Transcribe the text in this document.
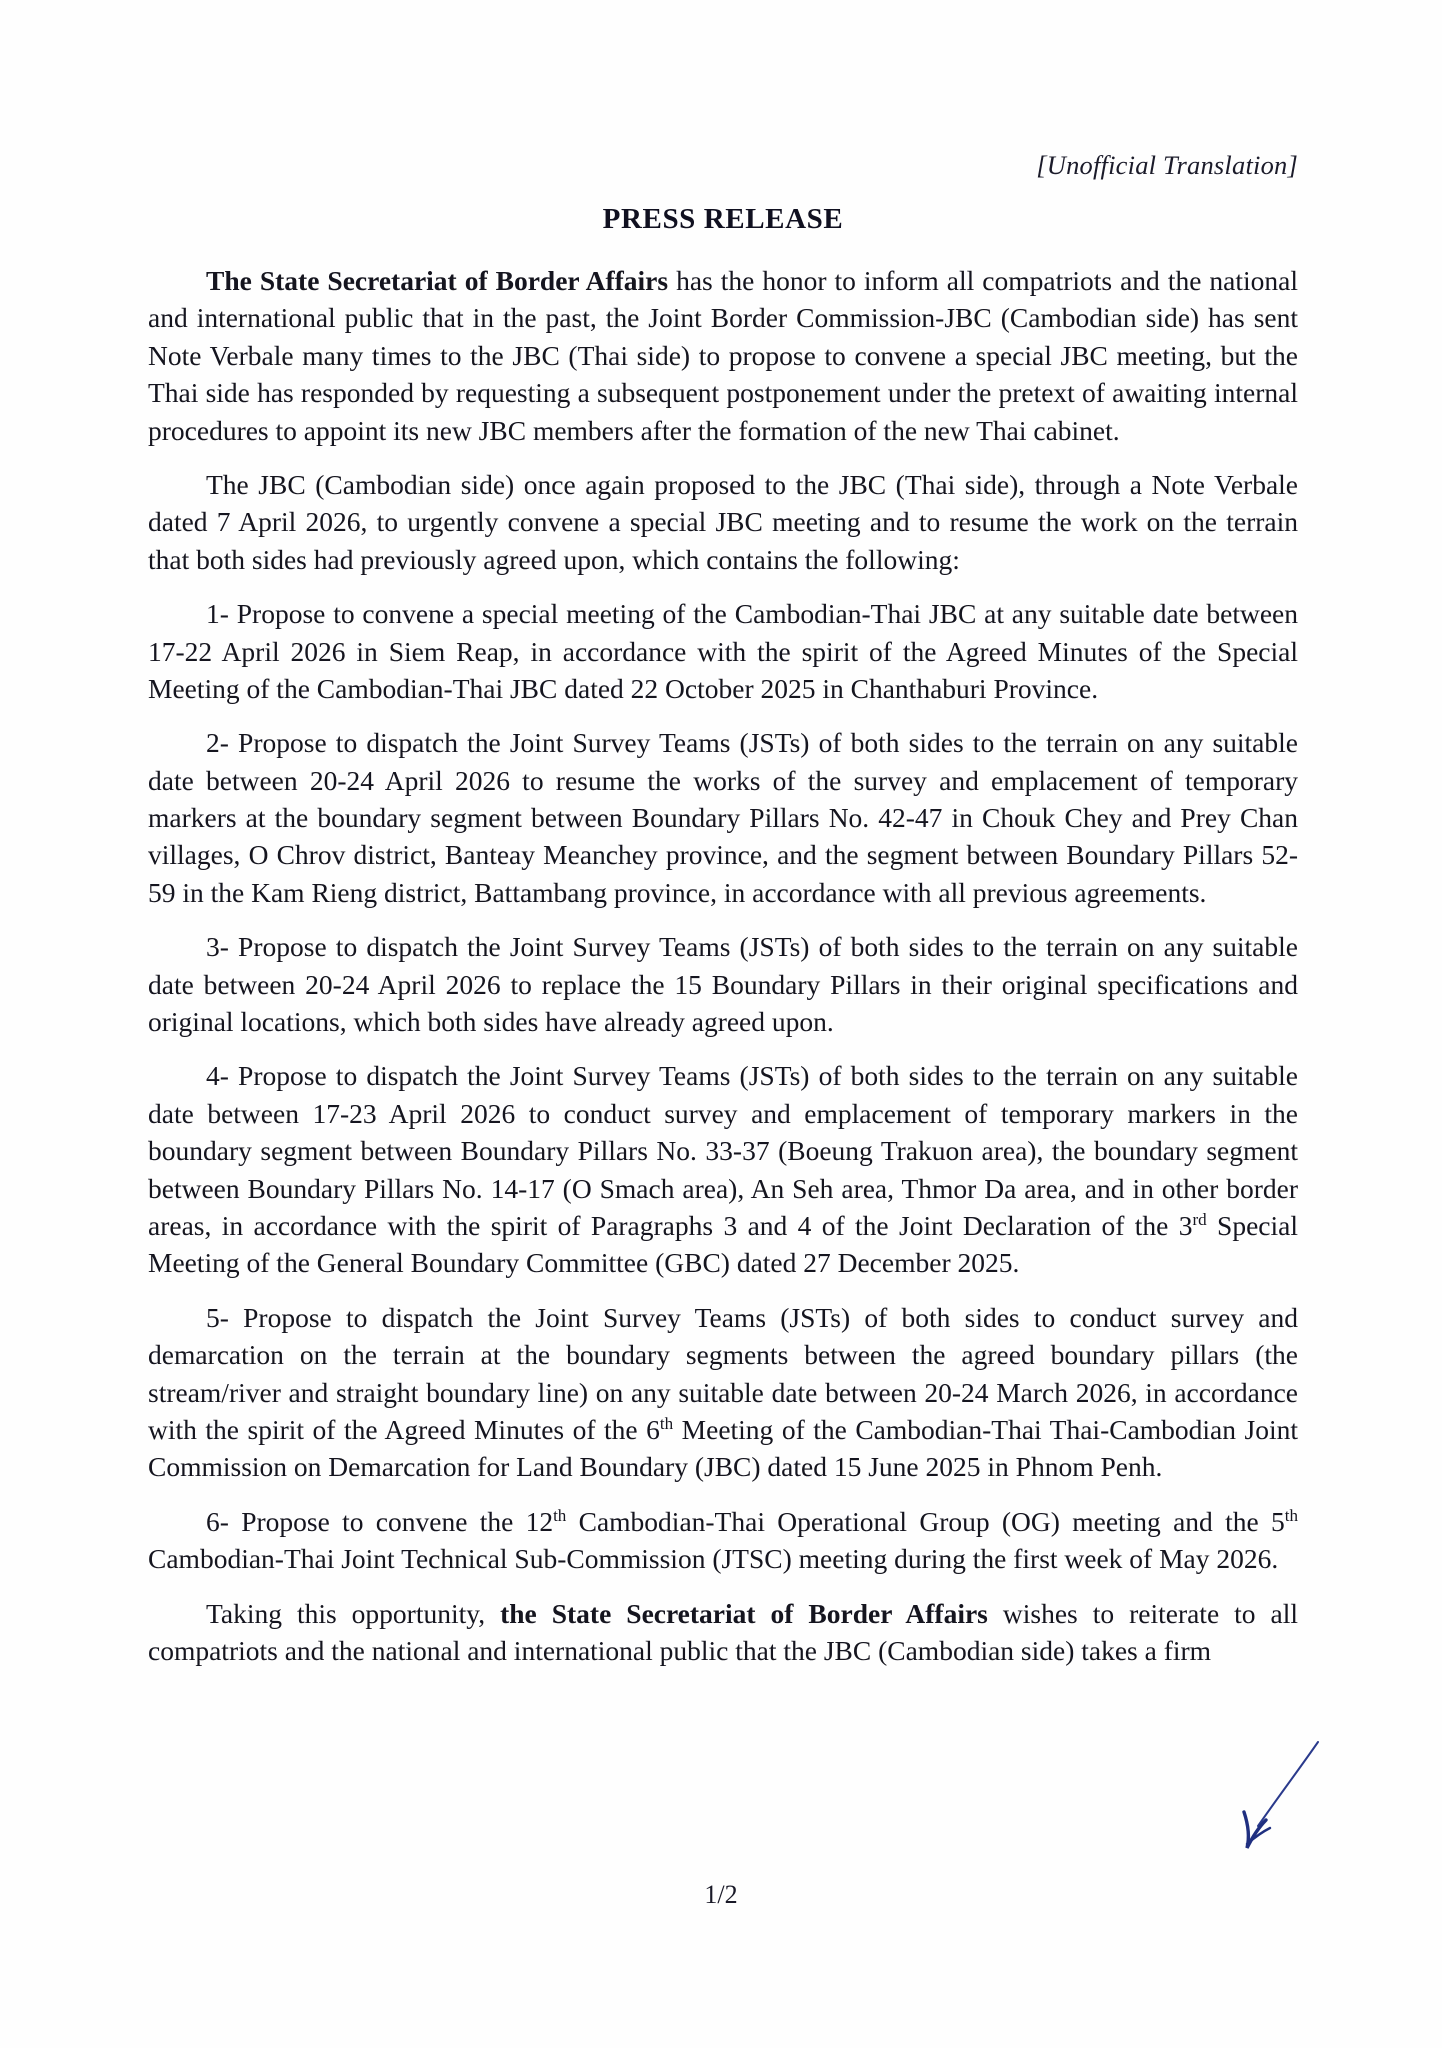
[Unofficial Translation]
PRESS RELEASE

The State Secretariat of Border Affairs has the honor to inform all compatriots and the national and international public that in the past, the Joint Border Commission-JBC (Cambodian side) has sent Note Verbale many times to the JBC (Thai side) to propose to convene a special JBC meeting, but the Thai side has responded by requesting a subsequent postponement under the pretext of awaiting internal procedures to appoint its new JBC members after the formation of the new Thai cabinet.

The JBC (Cambodian side) once again proposed to the JBC (Thai side), through a Note Verbale dated 7 April 2026, to urgently convene a special JBC meeting and to resume the work on the terrain that both sides had previously agreed upon, which contains the following:

1- Propose to convene a special meeting of the Cambodian-Thai JBC at any suitable date between 17-22 April 2026 in Siem Reap, in accordance with the spirit of the Agreed Minutes of the Special Meeting of the Cambodian-Thai JBC dated 22 October 2025 in Chanthaburi Province.

2- Propose to dispatch the Joint Survey Teams (JSTs) of both sides to the terrain on any suitable date between 20-24 April 2026 to resume the works of the survey and emplacement of temporary markers at the boundary segment between Boundary Pillars No. 42-47 in Chouk Chey and Prey Chan villages, O Chrov district, Banteay Meanchey province, and the segment between Boundary Pillars 52-59 in the Kam Rieng district, Battambang province, in accordance with all previous agreements.

3- Propose to dispatch the Joint Survey Teams (JSTs) of both sides to the terrain on any suitable date between 20-24 April 2026 to replace the 15 Boundary Pillars in their original specifications and original locations, which both sides have already agreed upon.

4- Propose to dispatch the Joint Survey Teams (JSTs) of both sides to the terrain on any suitable date between 17-23 April 2026 to conduct survey and emplacement of temporary markers in the boundary segment between Boundary Pillars No. 33-37 (Boeung Trakuon area), the boundary segment between Boundary Pillars No. 14-17 (O Smach area), An Seh area, Thmor Da area, and in other border areas, in accordance with the spirit of Paragraphs 3 and 4 of the Joint Declaration of the 3rd Special Meeting of the General Boundary Committee (GBC) dated 27 December 2025.

5- Propose to dispatch the Joint Survey Teams (JSTs) of both sides to conduct survey and demarcation on the terrain at the boundary segments between the agreed boundary pillars (the stream/river and straight boundary line) on any suitable date between 20-24 March 2026, in accordance with the spirit of the Agreed Minutes of the 6th Meeting of the Cambodian-Thai Thai-Cambodian Joint Commission on Demarcation for Land Boundary (JBC) dated 15 June 2025 in Phnom Penh.

6- Propose to convene the 12th Cambodian-Thai Operational Group (OG) meeting and the 5th Cambodian-Thai Joint Technical Sub-Commission (JTSC) meeting during the first week of May 2026.

Taking this opportunity, the State Secretariat of Border Affairs wishes to reiterate to all compatriots and the national and international public that the JBC (Cambodian side) takes a firm

1/2
